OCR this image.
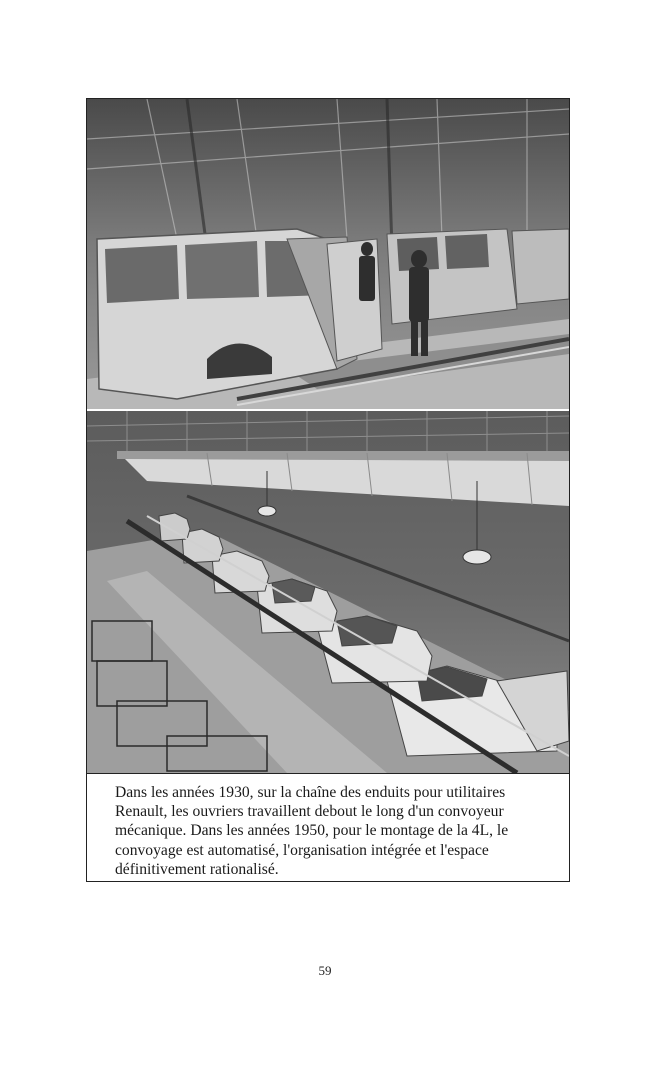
Dans les années 1930, sur la chaîne des enduits pour utilitaires Renault, les ouvriers travaillent debout le long d'un convoyeur mécanique. Dans les années 1950, pour le montage de la 4L, le convoyage est automatisé, l'organisation intégrée et l'espace définitivement rationalisé.
59
